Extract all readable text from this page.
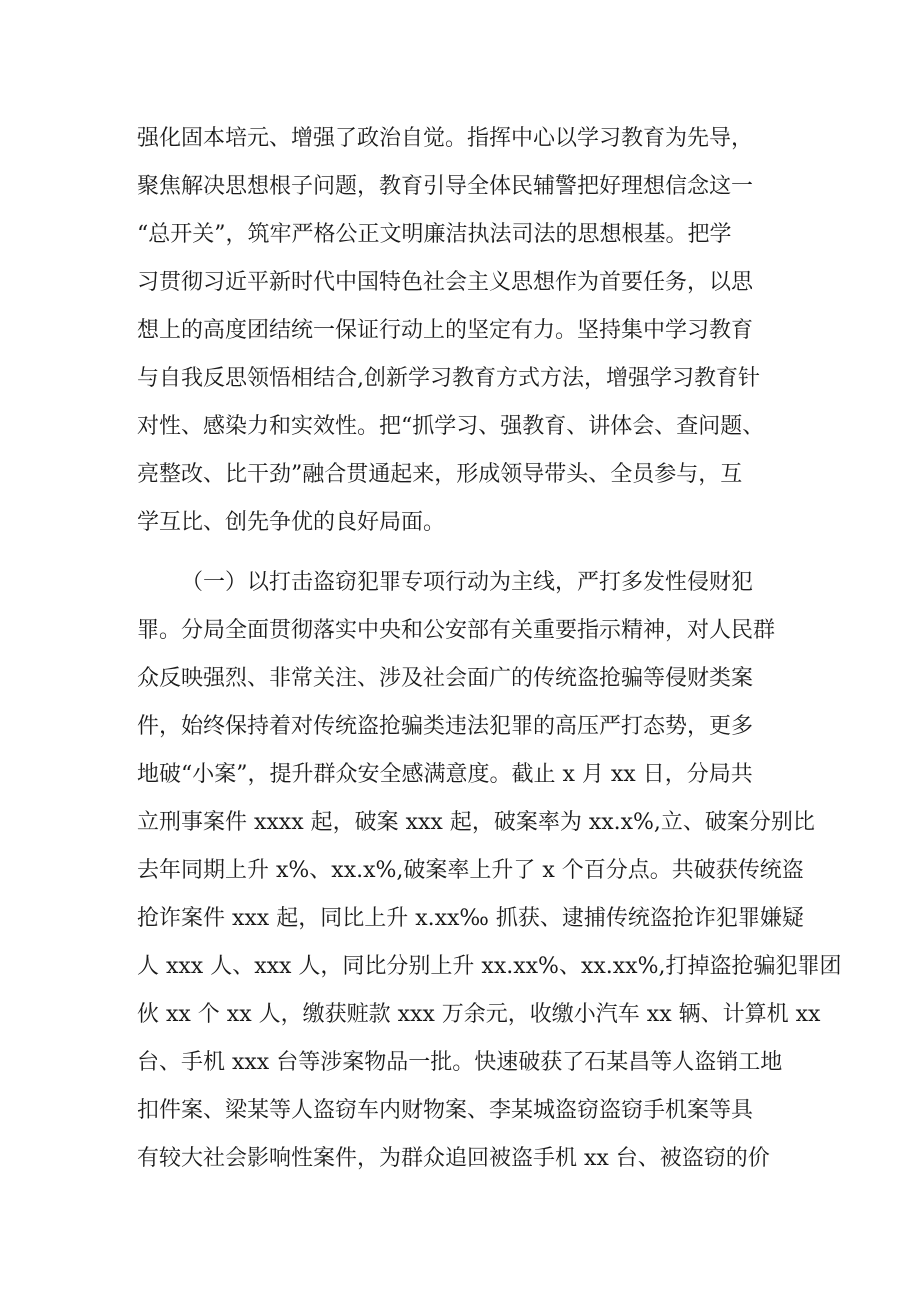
强化固本培元、增强了政治自觉。指挥中心以学习教育为先导，
聚焦解决思想根子问题，教育引导全体民辅警把好理想信念这一
“总开关”，筑牢严格公正文明廉洁执法司法的思想根基。把学
习贯彻习近平新时代中国特色社会主义思想作为首要任务，以思
想上的高度团结统一保证行动上的坚定有力。坚持集中学习教育
与自我反思领悟相结合,创新学习教育方式方法，增强学习教育针
对性、感染力和实效性。把“抓学习、强教育、讲体会、查问题、
亮整改、比干劲”融合贯通起来，形成领导带头、全员参与，互
学互比、创先争优的良好局面。
（一）以打击盗窃犯罪专项行动为主线，严打多发性侵财犯
罪。分局全面贯彻落实中央和公安部有关重要指示精神，对人民群
众反映强烈、非常关注、涉及社会面广的传统盗抢骗等侵财类案
件，始终保持着对传统盗抢骗类违法犯罪的高压严打态势，更多
地破“小案”，提升群众安全感满意度。截止 x 月 xx 日，分局共
立刑事案件 xxxx 起，破案 xxx 起，破案率为 xx.x%,立、破案分别比
去年同期上升 x%、xx.x%,破案率上升了 x 个百分点。共破获传统盗
抢诈案件 xxx 起，同比上升 x.xx‰ 抓获、逮捕传统盗抢诈犯罪嫌疑
人 xxx 人、xxx 人，同比分别上升 xx.xx%、xx.xx%,打掉盗抢骗犯罪团
伙 xx 个 xx 人，缴获赃款 xxx 万余元，收缴小汽车 xx 辆、计算机 xx
台、手机 xxx 台等涉案物品一批。快速破获了石某昌等人盗销工地
扣件案、梁某等人盗窃车内财物案、李某城盗窃盗窃手机案等具
有较大社会影响性案件，为群众追回被盗手机 xx 台、被盗窃的价
